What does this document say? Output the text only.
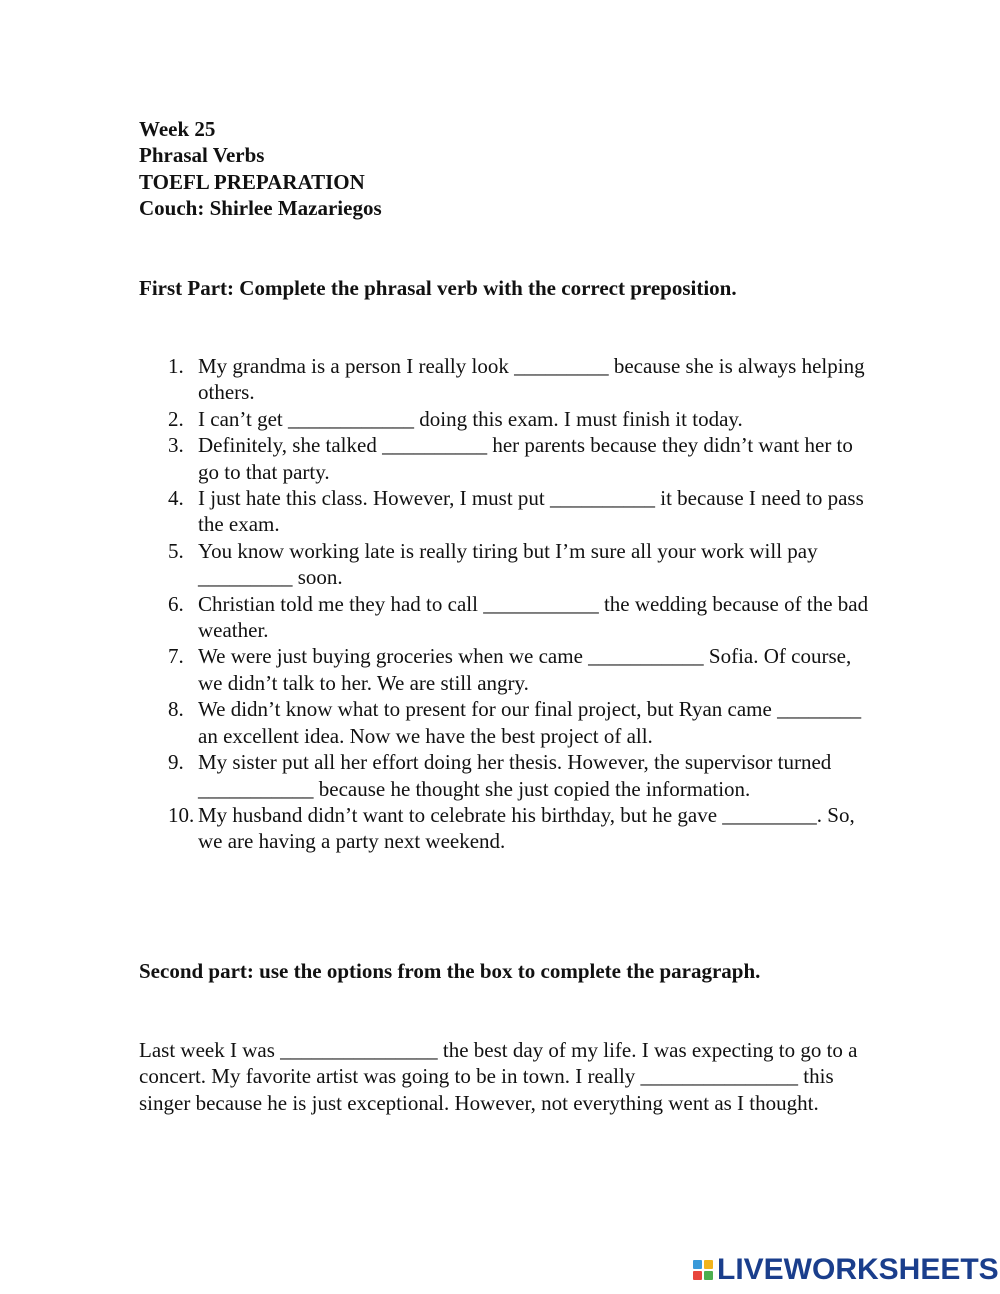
Week 25
Phrasal Verbs
TOEFL PREPARATION
Couch: Shirlee Mazariegos
First Part: Complete the phrasal verb with the correct preposition.
1. My grandma is a person I really look _________ because she is always helping others.
2. I can’t get ____________ doing this exam. I must finish it today.
3. Definitely, she talked __________ her parents because they didn’t want her to go to that party.
4. I just hate this class. However, I must put __________ it because I need to pass the exam.
5. You know working late is really tiring but I’m sure all your work will pay _________ soon.
6. Christian told me they had to call ___________ the wedding because of the bad weather.
7. We were just buying groceries when we came ___________ Sofia. Of course, we didn’t talk to her. We are still angry.
8. We didn’t know what to present for our final project, but Ryan came ________ an excellent idea. Now we have the best project of all.
9. My sister put all her effort doing her thesis. However, the supervisor turned ___________ because he thought she just copied the information.
10. My husband didn’t want to celebrate his birthday, but he gave _________. So, we are having a party next weekend.
Second part: use the options from the box to complete the paragraph.
Last week I was _______________ the best day of my life. I was expecting to go to a concert. My favorite artist was going to be in town. I really _______________ this singer because he is just exceptional. However, not everything went as I thought.
LIVEWORKSHEETS
